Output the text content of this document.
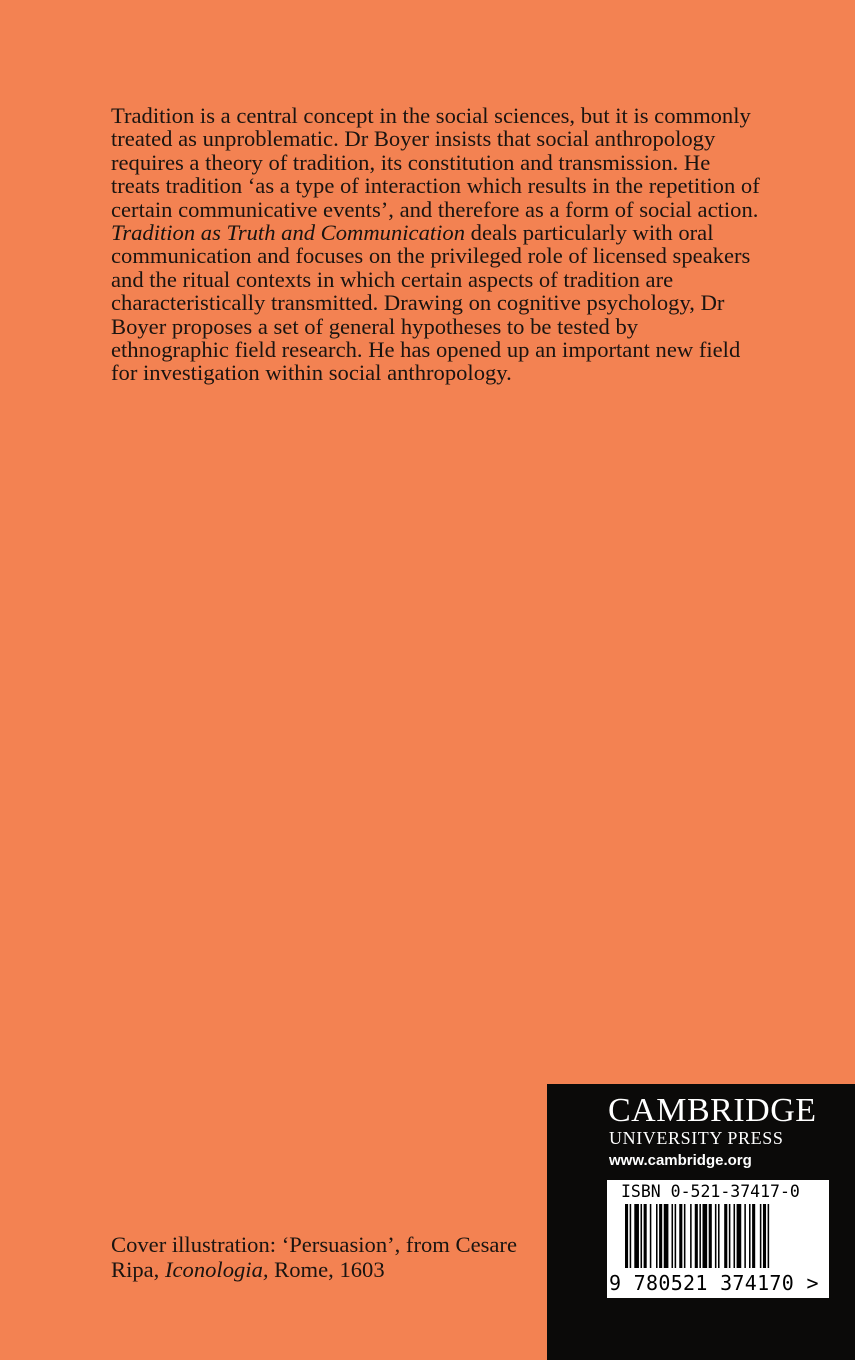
Tradition is a central concept in the social sciences, but it is commonly treated as unproblematic. Dr Boyer insists that social anthropology requires a theory of tradition, its constitution and transmission. He treats tradition ‘as a type of interaction which results in the repetition of certain communicative events’, and therefore as a form of social action. Tradition as Truth and Communication deals particularly with oral communication and focuses on the privileged role of licensed speakers and the ritual contexts in which certain aspects of tradition are characteristically transmitted. Drawing on cognitive psychology, Dr Boyer proposes a set of general hypotheses to be tested by ethnographic field research. He has opened up an important new field for investigation within social anthropology.

Cover illustration: ‘Persuasion’, from Cesare Ripa, Iconologia, Rome, 1603

CAMBRIDGE
UNIVERSITY PRESS
www.cambridge.org
ISBN 0-521-37417-0
9 780521 374170 >
